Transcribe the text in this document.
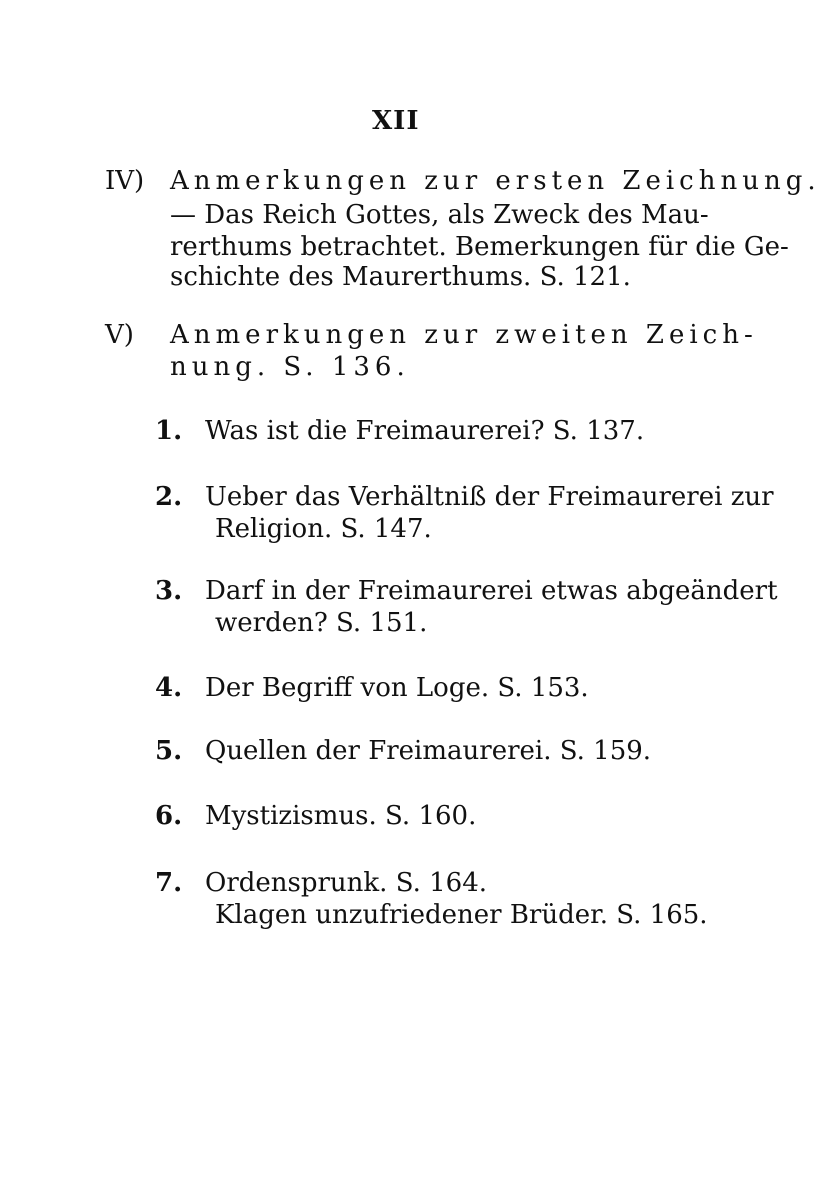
XII
IV) Anmerkungen zur ersten Zeichnung.
— Das Reich Gottes, als Zweck des Mau-
rerthums betrachtet. Bemerkungen für die Ge-
schichte des Maurerthums. S. 121.
V) Anmerkungen zur zweiten Zeich-
nung. S. 136.
1. Was ist die Freimaurerei? S. 137.
2. Ueber das Verhältniß der Freimaurerei zur
Religion. S. 147.
3. Darf in der Freimaurerei etwas abgeändert
werden? S. 151.
4. Der Begriff von Loge. S. 153.
5. Quellen der Freimaurerei. S. 159.
6. Mystizismus. S. 160.
7. Ordensprunk. S. 164.
Klagen unzufriedener Brüder. S. 165.
